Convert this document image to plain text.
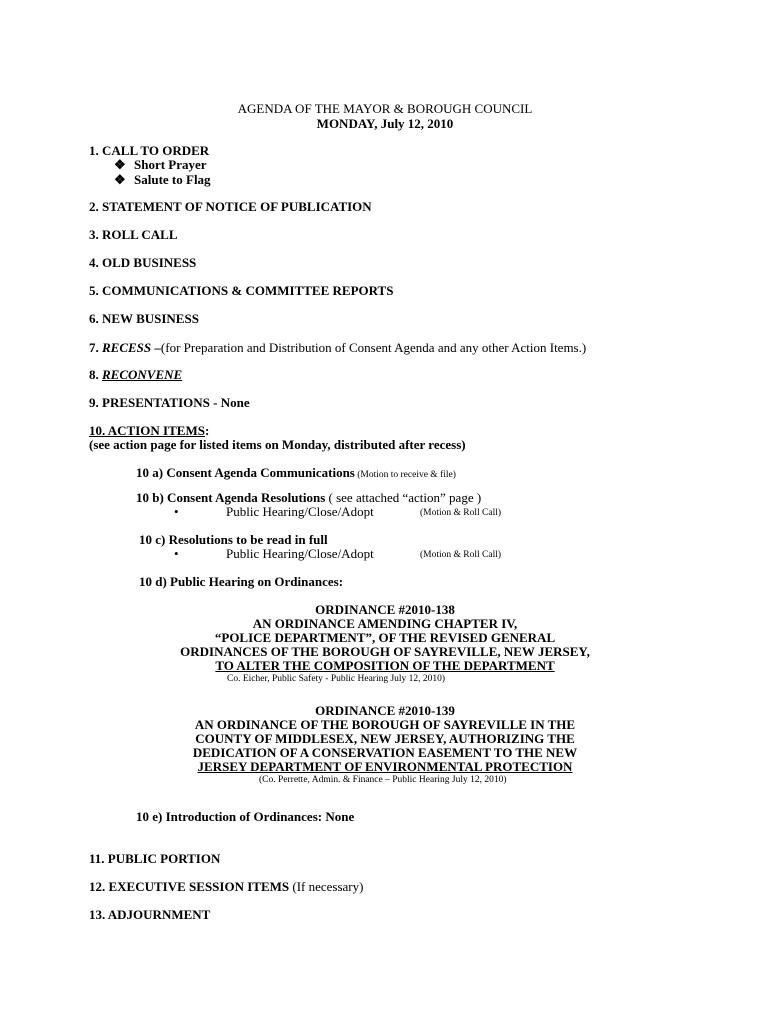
AGENDA OF THE MAYOR & BOROUGH COUNCIL
MONDAY, July 12, 2010
1. CALL TO ORDER
❖ Short Prayer
❖ Salute to Flag
2. STATEMENT OF NOTICE OF PUBLICATION
3. ROLL CALL
4. OLD BUSINESS
5. COMMUNICATIONS & COMMITTEE REPORTS
6. NEW BUSINESS
7. RECESS –(for Preparation and Distribution of Consent Agenda and any other Action Items.)
8. RECONVENE
9. PRESENTATIONS - None
10. ACTION ITEMS:
(see action page for listed items on Monday, distributed after recess)
10 a) Consent Agenda Communications (Motion to receive & file)
10 b) Consent Agenda Resolutions ( see attached “action” page )
•	Public Hearing/Close/Adopt	(Motion & Roll Call)
10 c) Resolutions to be read in full
•	Public Hearing/Close/Adopt	(Motion & Roll Call)
10 d) Public Hearing on Ordinances:
ORDINANCE #2010-138
AN ORDINANCE AMENDING CHAPTER IV,
“POLICE DEPARTMENT”, OF THE REVISED GENERAL
ORDINANCES OF THE BOROUGH OF SAYREVILLE, NEW JERSEY,
TO ALTER THE COMPOSITION OF THE DEPARTMENT
Co. Eicher, Public Safety - Public Hearing July 12, 2010)
ORDINANCE #2010-139
AN ORDINANCE OF THE BOROUGH OF SAYREVILLE IN THE
COUNTY OF MIDDLESEX, NEW JERSEY, AUTHORIZING THE
DEDICATION OF A CONSERVATION EASEMENT TO THE NEW
JERSEY DEPARTMENT OF ENVIRONMENTAL PROTECTION
(Co. Perrette, Admin. & Finance – Public Hearing July 12, 2010)
10 e) Introduction of Ordinances: None
11. PUBLIC PORTION
12. EXECUTIVE SESSION ITEMS (If necessary)
13. ADJOURNMENT
